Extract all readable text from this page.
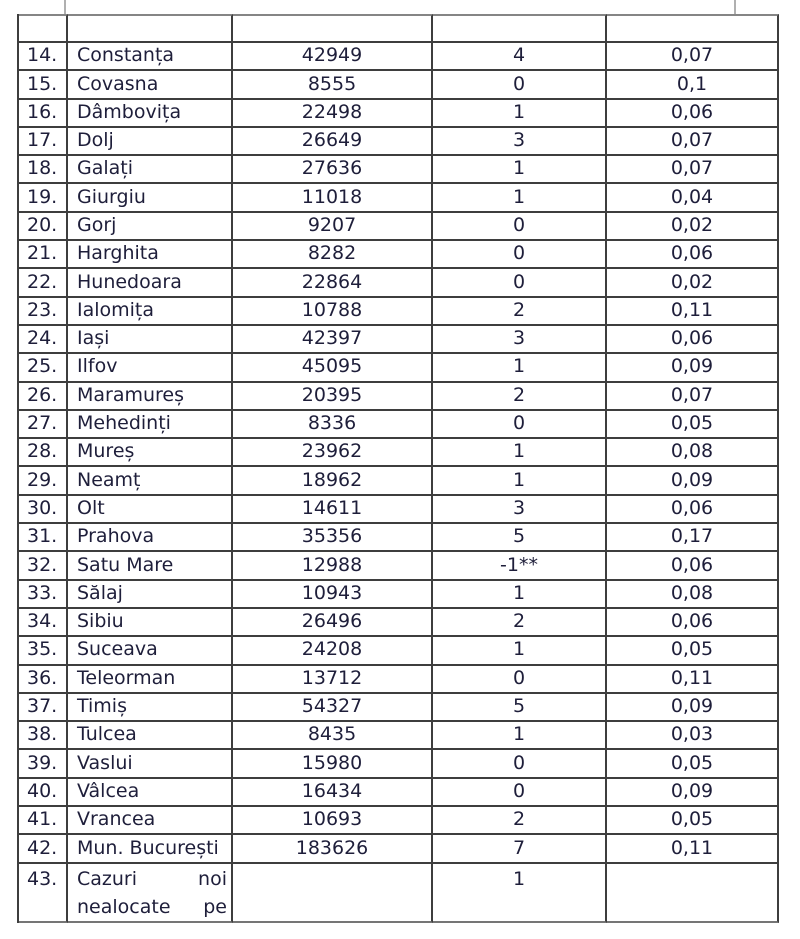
14.	Constanța	42949	4	0,07
15.	Covasna	8555	0	0,1
16.	Dâmbovița	22498	1	0,06
17.	Dolj	26649	3	0,07
18.	Galați	27636	1	0,07
19.	Giurgiu	11018	1	0,04
20.	Gorj	9207	0	0,02
21.	Harghita	8282	0	0,06
22.	Hunedoara	22864	0	0,02
23.	Ialomița	10788	2	0,11
24.	Iași	42397	3	0,06
25.	Ilfov	45095	1	0,09
26.	Maramureș	20395	2	0,07
27.	Mehedinți	8336	0	0,05
28.	Mureș	23962	1	0,08
29.	Neamț	18962	1	0,09
30.	Olt	14611	3	0,06
31.	Prahova	35356	5	0,17
32.	Satu Mare	12988	-1**	0,06
33.	Sălaj	10943	1	0,08
34.	Sibiu	26496	2	0,06
35.	Suceava	24208	1	0,05
36.	Teleorman	13712	0	0,11
37.	Timiș	54327	5	0,09
38.	Tulcea	8435	1	0,03
39.	Vaslui	15980	0	0,05
40.	Vâlcea	16434	0	0,09
41.	Vrancea	10693	2	0,05
42.	Mun. București	183626	7	0,11
43.	Cazuri noi nealocate pe		1	
